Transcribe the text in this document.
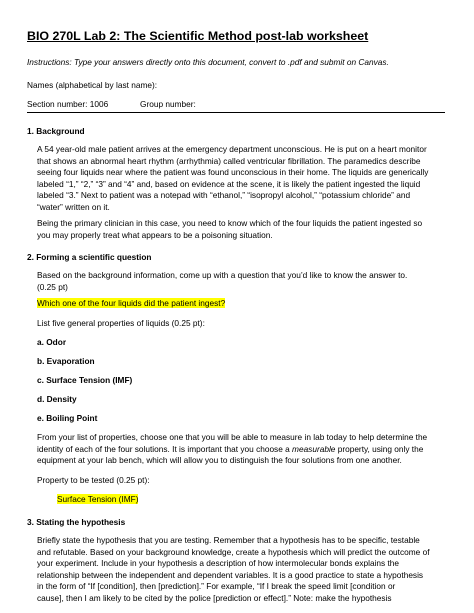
BIO 270L Lab 2: The Scientific Method post-lab worksheet
Instructions: Type your answers directly onto this document, convert to .pdf and submit on Canvas.
Names (alphabetical by last name):
Section number: 1006	Group number:
1. Background
A 54 year-old male patient arrives at the emergency department unconscious. He is put on a heart monitor
that shows an abnormal heart rhythm (arrhythmia) called ventricular fibrillation. The paramedics describe
seeing four liquids near where the patient was found unconscious in their home. The liquids are generically
labeled “1,” “2,” “3” and “4” and, based on evidence at the scene, it is likely the patient ingested the liquid
labeled “3.” Next to patient was a notepad with “ethanol,” “isopropyl alcohol,” “potassium chloride” and
“water” written on it.
Being the primary clinician in this case, you need to know which of the four liquids the patient ingested so
you may properly treat what appears to be a poisoning situation.
2. Forming a scientific question
Based on the background information, come up with a question that you’d like to know the answer to.
(0.25 pt)
Which one of the four liquids did the patient ingest?
List five general properties of liquids (0.25 pt):
a. Odor
b. Evaporation
c. Surface Tension (IMF)
d. Density
e. Boiling Point
From your list of properties, choose one that you will be able to measure in lab today to help determine the
identity of each of the four solutions. It is important that you choose a measurable property, using only the
equipment at your lab bench, which will allow you to distinguish the four solutions from one another.
Property to be tested (0.25 pt):
Surface Tension (IMF)
3. Stating the hypothesis
Briefly state the hypothesis that you are testing. Remember that a hypothesis has to be specific, testable
and refutable. Based on your background knowledge, create a hypothesis which will predict the outcome of
your experiment. Include in your hypothesis a description of how intermolecular bonds explains the
relationship between the independent and dependent variables. It is a good practice to state a hypothesis
in the form of “If [condition], then [prediction].” For example, “If I break the speed limit [condition or
cause], then I am likely to be cited by the police [prediction or effect].” Note: make the hypothesis
